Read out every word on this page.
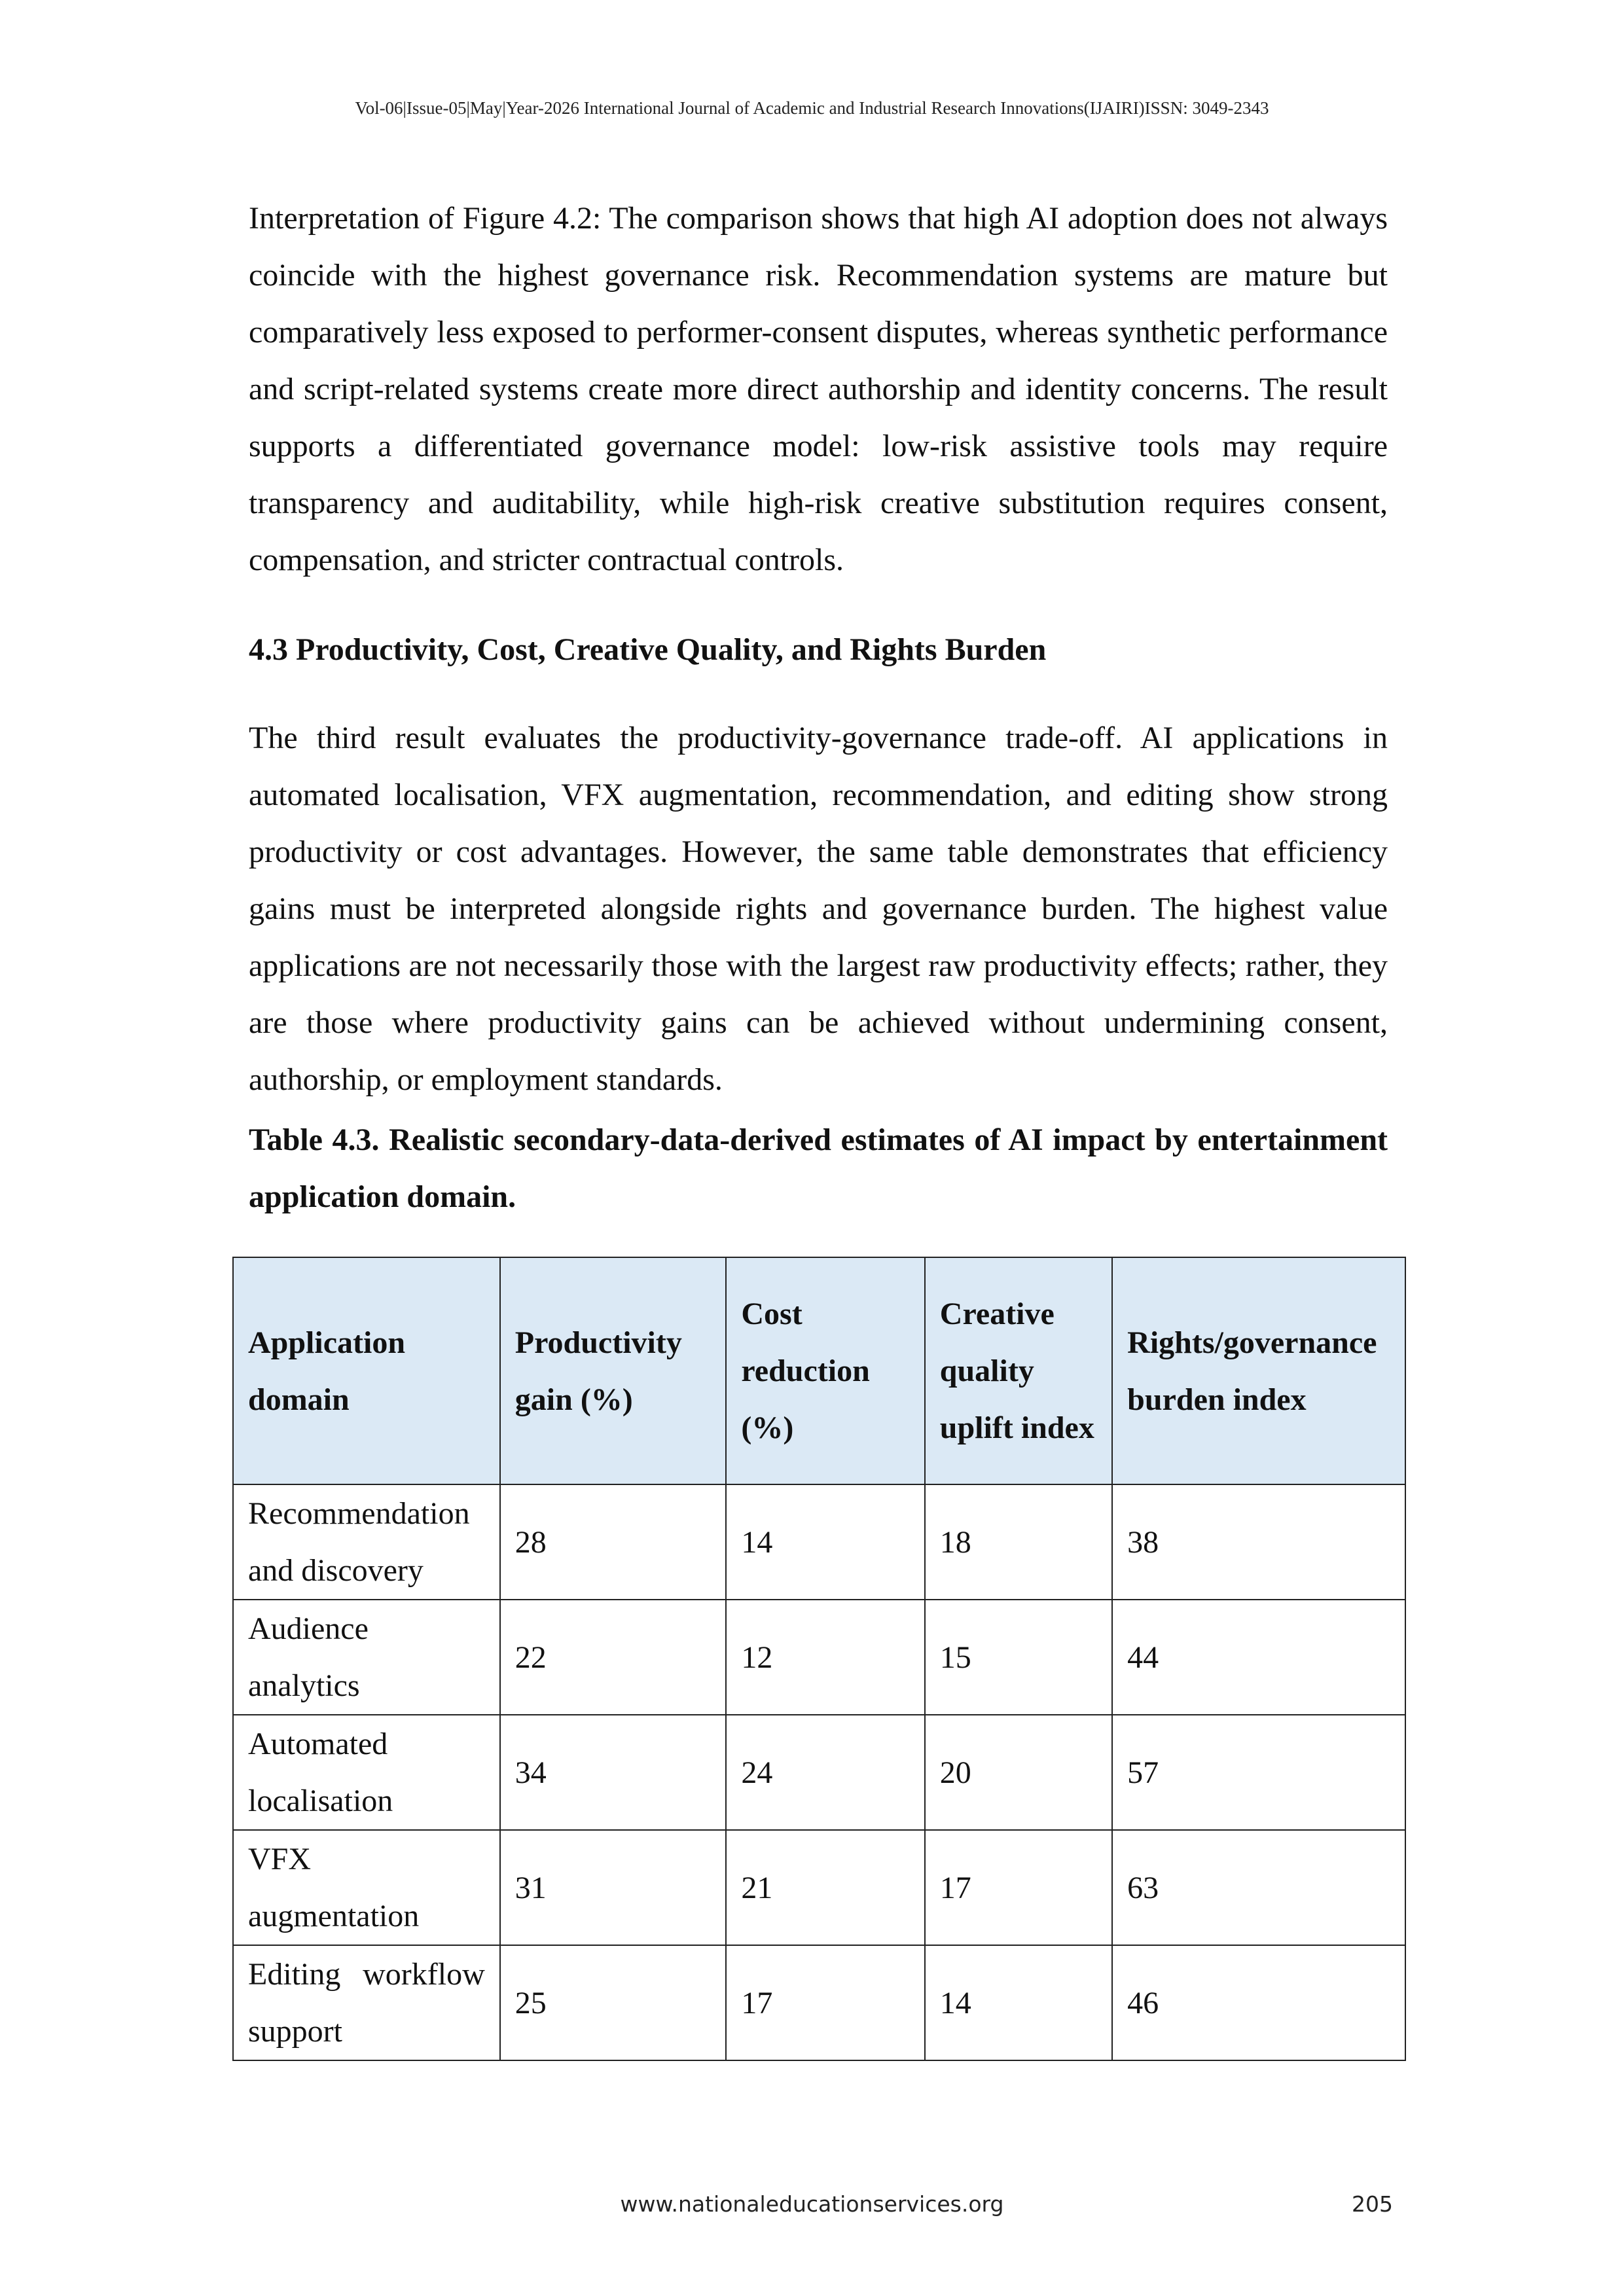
Vol-06|Issue-05|May|Year-2026 International Journal of Academic and Industrial Research Innovations(IJAIRI)ISSN: 3049-2343

Interpretation of Figure 4.2: The comparison shows that high AI adoption does not always coincide with the highest governance risk. Recommendation systems are mature but comparatively less exposed to performer-consent disputes, whereas synthetic performance and script-related systems create more direct authorship and identity concerns. The result supports a differentiated governance model: low-risk assistive tools may require transparency and auditability, while high-risk creative substitution requires consent, compensation, and stricter contractual controls.

4.3 Productivity, Cost, Creative Quality, and Rights Burden

The third result evaluates the productivity-governance trade-off. AI applications in automated localisation, VFX augmentation, recommendation, and editing show strong productivity or cost advantages. However, the same table demonstrates that efficiency gains must be interpreted alongside rights and governance burden. The highest value applications are not necessarily those with the largest raw productivity effects; rather, they are those where productivity gains can be achieved without undermining consent, authorship, or employment standards.

Table 4.3. Realistic secondary-data-derived estimates of AI impact by entertainment application domain.

Application domain	Productivity gain (%)	Cost reduction (%)	Creative quality uplift index	Rights/governance burden index
Recommendation and discovery	28	14	18	38
Audience analytics	22	12	15	44
Automated localisation	34	24	20	57
VFX augmentation	31	21	17	63
Editing workflow support	25	17	14	46

www.nationaleducationservices.org	205
